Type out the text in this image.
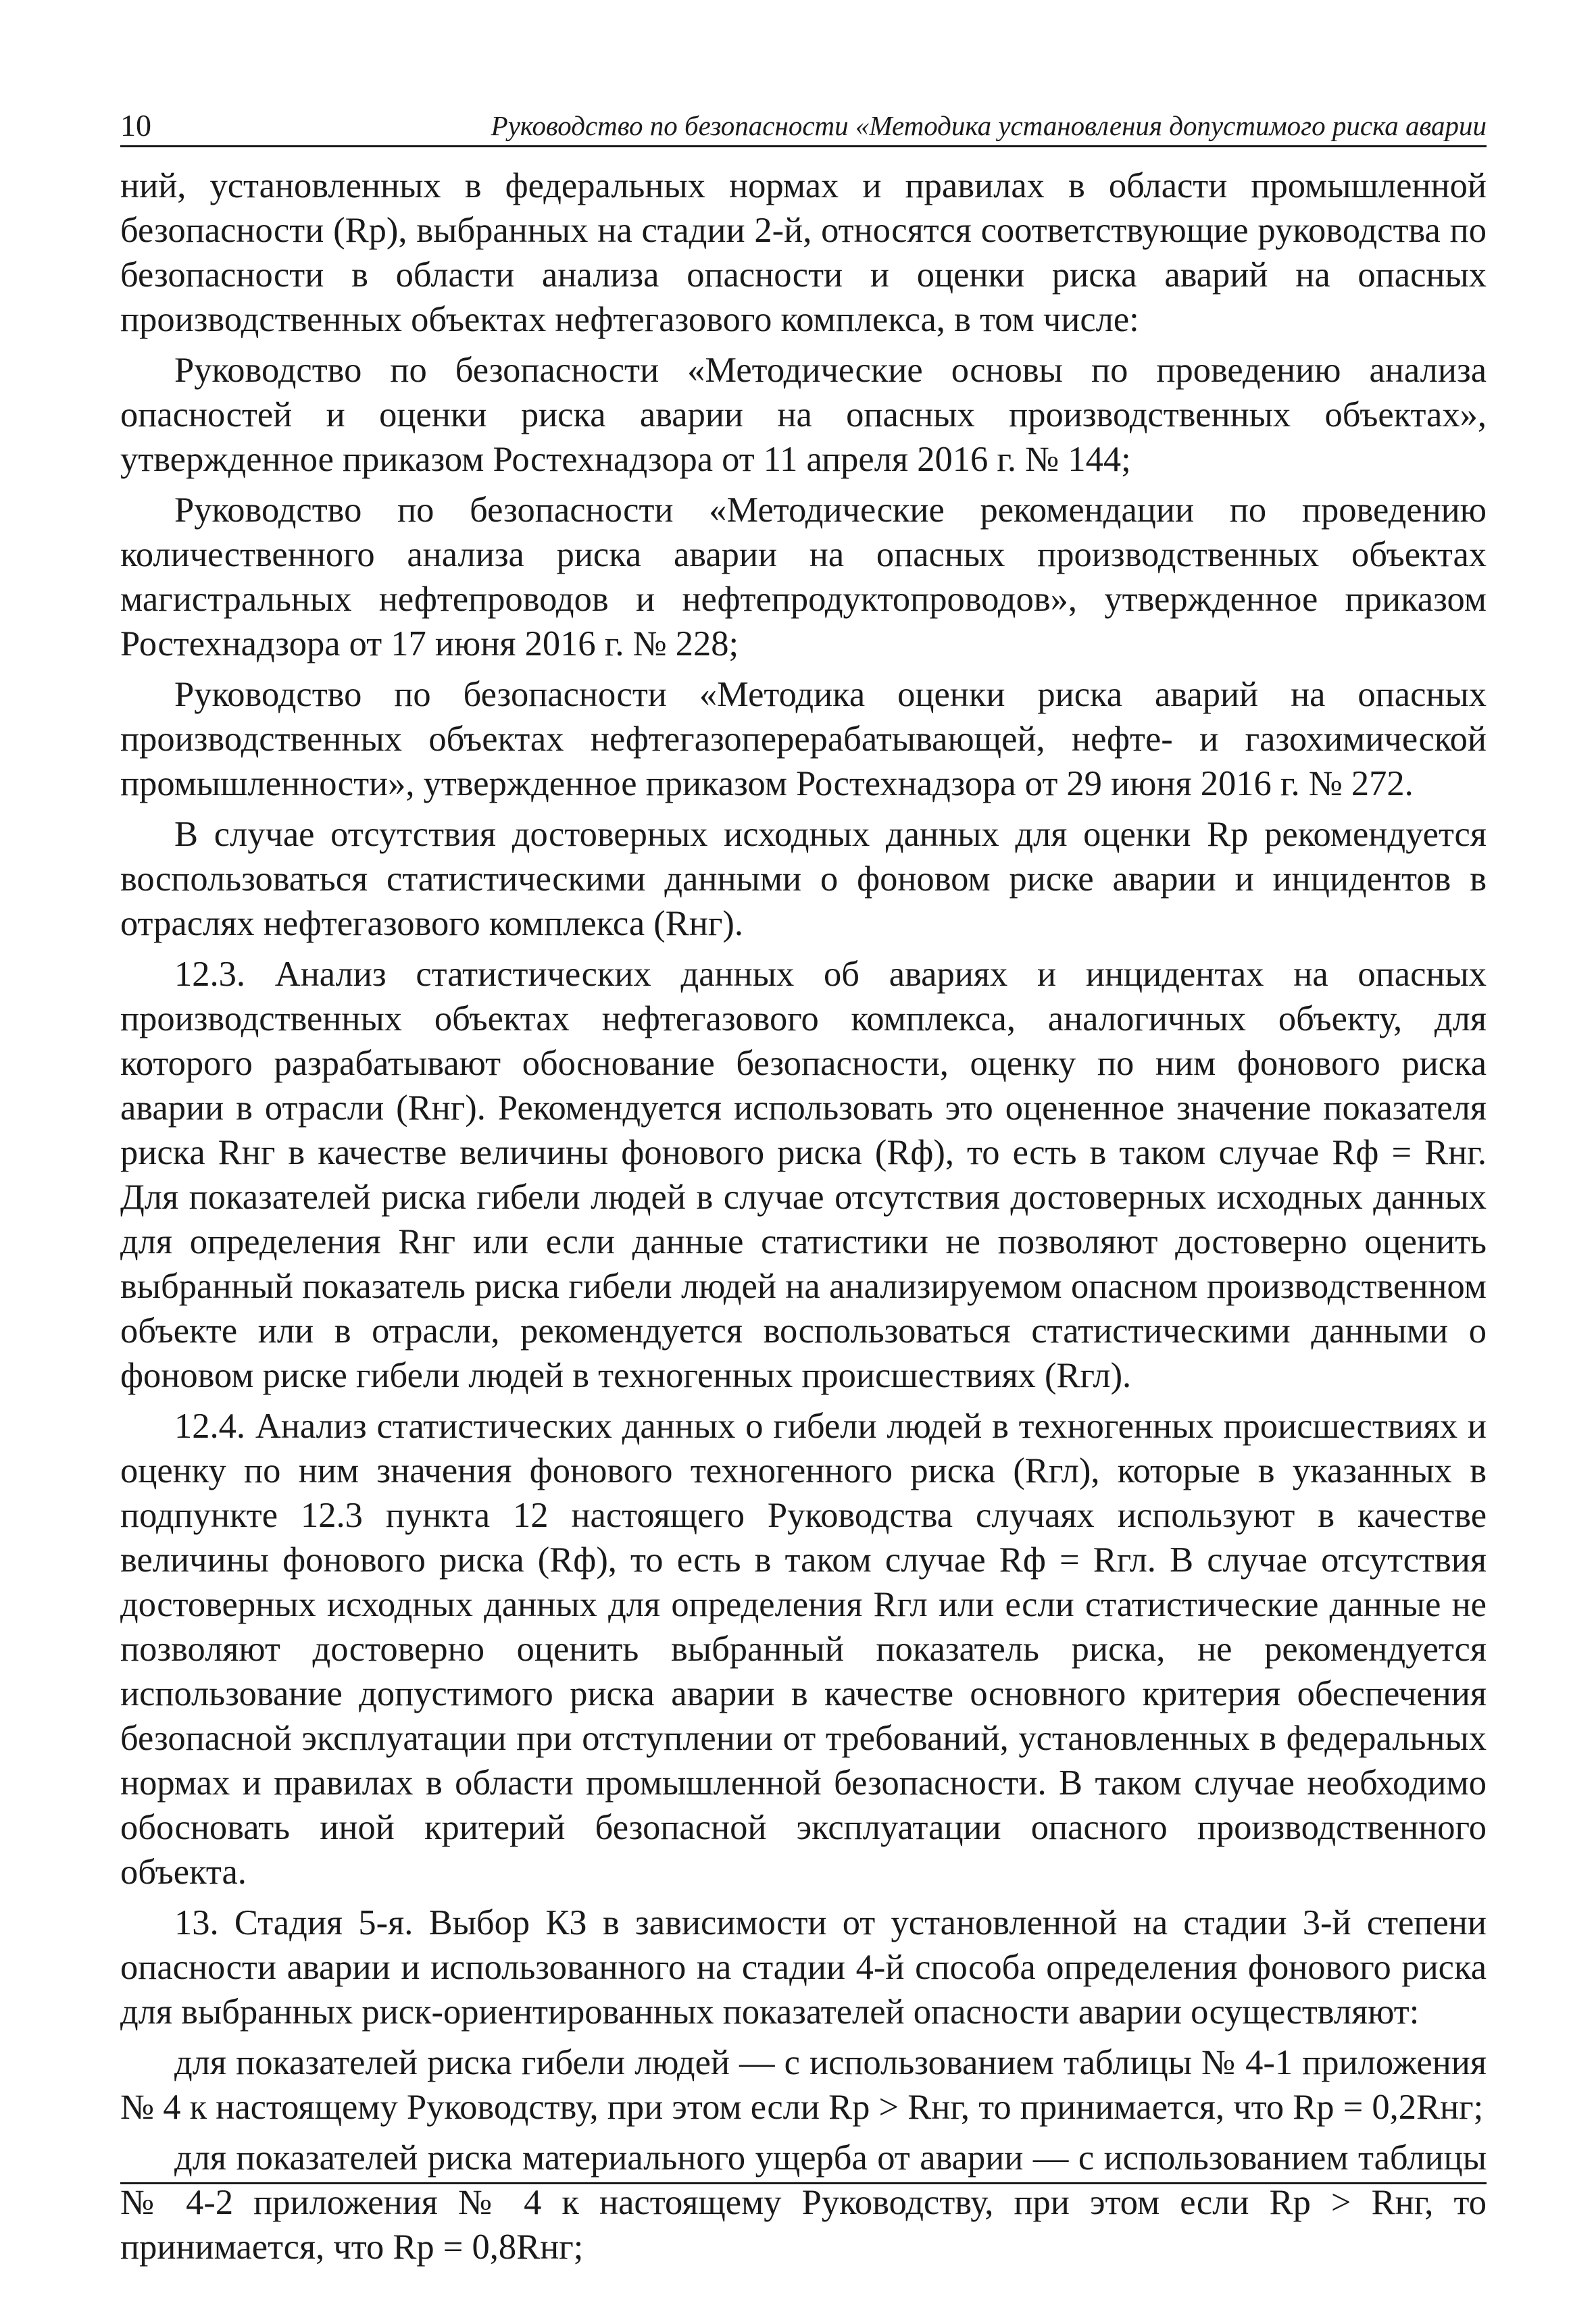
10	Руководство по безопасности «Методика установления допустимого риска аварии

ний, установленных в федеральных нормах и правилах в области промышленной безопасности (Rр), выбранных на стадии 2-й, относятся соответствующие руководства по безопасности в области анализа опасности и оценки риска аварий на опасных производственных объектах нефтегазового комплекса, в том числе:

Руководство по безопасности «Методические основы по проведению анализа опасностей и оценки риска аварии на опасных производственных объектах», утвержденное приказом Ростехнадзора от 11 апреля 2016 г. № 144;

Руководство по безопасности «Методические рекомендации по проведению количественного анализа риска аварии на опасных производственных объектах магистральных нефтепроводов и нефтепродуктопроводов», утвержденное приказом Ростехнадзора от 17 июня 2016 г. № 228;

Руководство по безопасности «Методика оценки риска аварий на опасных производственных объектах нефтегазоперерабатывающей, нефте- и газохимической промышленности», утвержденное приказом Ростехнадзора от 29 июня 2016 г. № 272.

В случае отсутствия достоверных исходных данных для оценки Rр рекомендуется воспользоваться статистическими данными о фоновом риске аварии и инцидентов в отраслях нефтегазового комплекса (Rнг).

12.3. Анализ статистических данных об авариях и инцидентах на опасных производственных объектах нефтегазового комплекса, аналогичных объекту, для которого разрабатывают обоснование безопасности, оценку по ним фонового риска аварии в отрасли (Rнг). Рекомендуется использовать это оцененное значение показателя риска Rнг в качестве величины фонового риска (Rф), то есть в таком случае Rф = Rнг. Для показателей риска гибели людей в случае отсутствия достоверных исходных данных для определения Rнг или если данные статистики не позволяют достоверно оценить выбранный показатель риска гибели людей на анализируемом опасном производственном объекте или в отрасли, рекомендуется воспользоваться статистическими данными о фоновом риске гибели людей в техногенных происшествиях (Rгл).

12.4. Анализ статистических данных о гибели людей в техногенных происшествиях и оценку по ним значения фонового техногенного риска (Rгл), которые в указанных в подпункте 12.3 пункта 12 настоящего Руководства случаях используют в качестве величины фонового риска (Rф), то есть в таком случае Rф = Rгл. В случае отсутствия достоверных исходных данных для определения Rгл или если статистические данные не позволяют достоверно оценить выбранный показатель риска, не рекомендуется использование допустимого риска аварии в качестве основного критерия обеспечения безопасной эксплуатации при отступлении от требований, установленных в федеральных нормах и правилах в области промышленной безопасности. В таком случае необходимо обосновать иной критерий безопасной эксплуатации опасного производственного объекта.

13. Стадия 5-я. Выбор КЗ в зависимости от установленной на стадии 3-й степени опасности аварии и использованного на стадии 4-й способа определения фонового риска для выбранных риск-ориентированных показателей опасности аварии осуществляют:

для показателей риска гибели людей — с использованием таблицы № 4-1 приложения № 4 к настоящему Руководству, при этом если Rр > Rнг, то принимается, что Rр = 0,2Rнг;

для показателей риска материального ущерба от аварии — с использованием таблицы № 4-2 приложения № 4 к настоящему Руководству, при этом если Rр > Rнг, то принимается, что Rр = 0,8Rнг;
